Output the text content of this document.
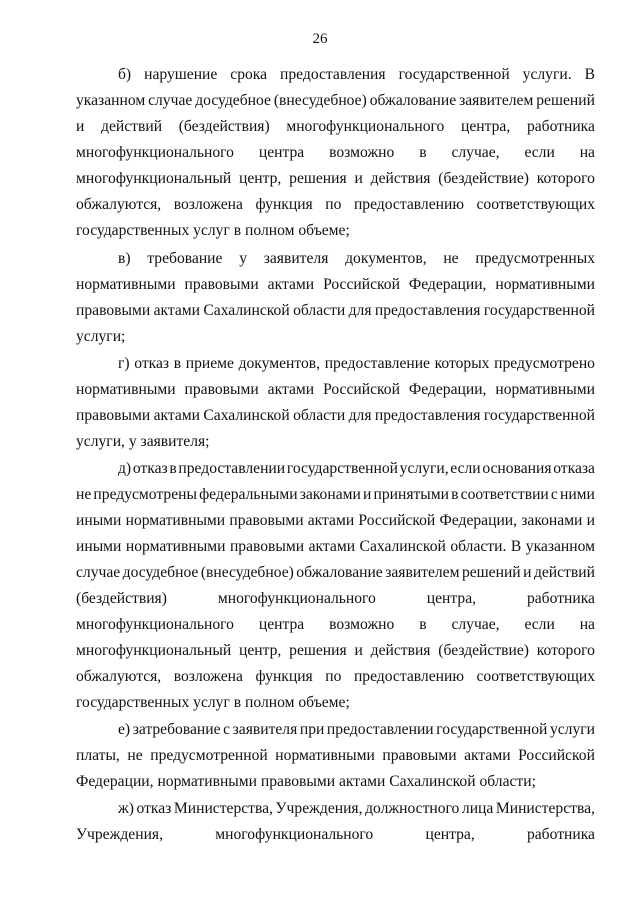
26
б) нарушение срока предоставления государственной услуги. В
указанном случае досудебное (внесудебное) обжалование заявителем решений
и действий (бездействия) многофункционального центра, работника
многофункционального центра возможно в случае, если на
многофункциональный центр, решения и действия (бездействие) которого
обжалуются, возложена функция по предоставлению соответствующих
государственных услуг в полном объеме;
в) требование у заявителя документов, не предусмотренных
нормативными правовыми актами Российской Федерации, нормативными
правовыми актами Сахалинской области для предоставления государственной
услуги;
г) отказ в приеме документов, предоставление которых предусмотрено
нормативными правовыми актами Российской Федерации, нормативными
правовыми актами Сахалинской области для предоставления государственной
услуги, у заявителя;
д) отказ в предоставлении государственной услуги, если основания отказа
не предусмотрены федеральными законами и принятыми в соответствии с ними
иными нормативными правовыми актами Российской Федерации, законами и
иными нормативными правовыми актами Сахалинской области. В указанном
случае досудебное (внесудебное) обжалование заявителем решений и действий
(бездействия)	многофункционального	центра,	работника
многофункционального центра возможно в случае, если на
многофункциональный центр, решения и действия (бездействие) которого
обжалуются, возложена функция по предоставлению соответствующих
государственных услуг в полном объеме;
е) затребование с заявителя при предоставлении государственной услуги
платы, не предусмотренной нормативными правовыми актами Российской
Федерации, нормативными правовыми актами Сахалинской области;
ж) отказ Министерства, Учреждения, должностного лица Министерства,
Учреждения,	многофункционального	центра,	работника
